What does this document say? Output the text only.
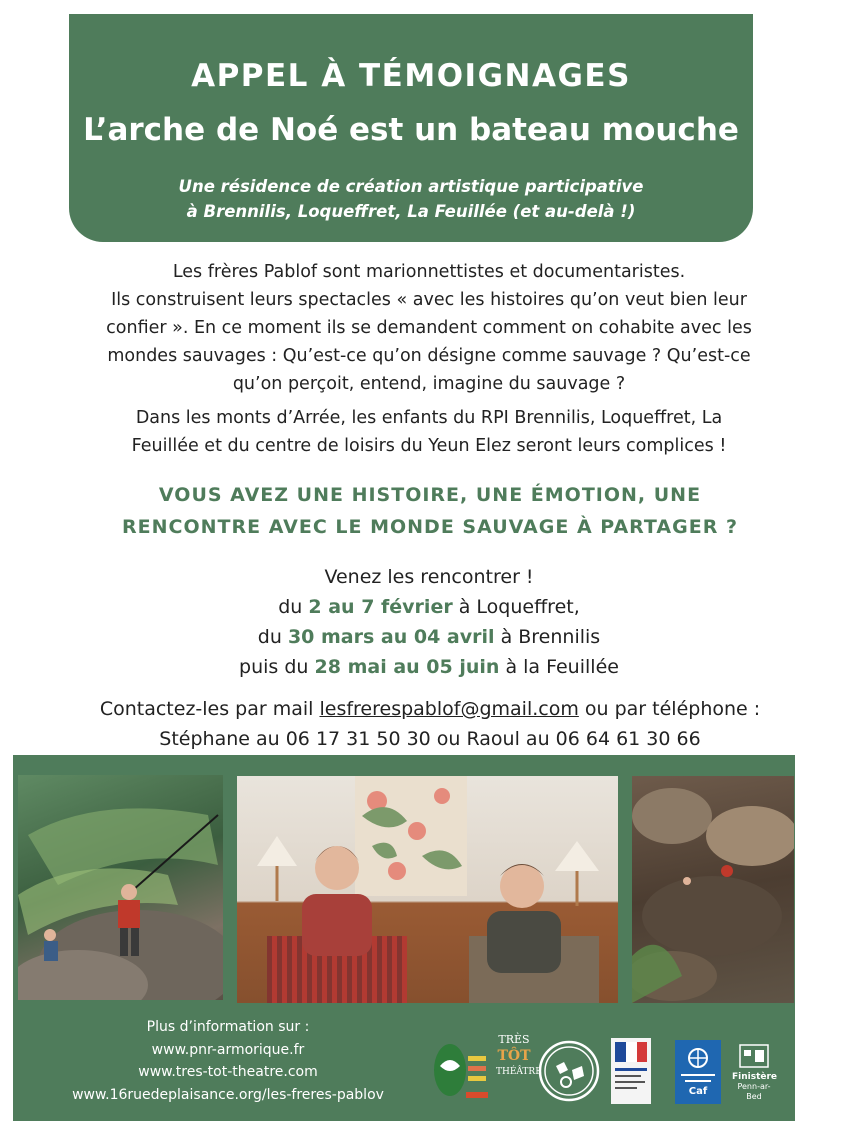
APPEL À TÉMOIGNAGES
L’arche de Noé est un bateau mouche
Une résidence de création artistique participative
à Brennilis, Loqueffret, La Feuillée (et au-delà !)
Les frères Pablof sont marionnettistes et documentaristes.
Ils construisent leurs spectacles « avec les histoires qu’on veut bien leur
confier ». En ce moment ils se demandent comment on cohabite avec les
mondes sauvages : Qu’est-ce qu’on désigne comme sauvage ? Qu’est-ce
qu’on perçoit, entend, imagine du sauvage ?
Dans les monts d’Arrée, les enfants du RPI Brennilis, Loqueffret, La
Feuillée et du centre de loisirs du Yeun Elez seront leurs complices !
VOUS AVEZ UNE HISTOIRE, UNE ÉMOTION, UNE
RENCONTRE AVEC LE MONDE SAUVAGE À PARTAGER ?
Venez les rencontrer !
du 2 au 7 février à Loqueffret,
du 30 mars au 04 avril à Brennilis
puis du 28 mai au 05 juin à la Feuillée
Contactez-les par mail lesfrerespablof@gmail.com ou par téléphone :
Stéphane au 06 17 31 50 30 ou Raoul au 06 64 61 30 66
Plus d’information sur :
www.pnr-armorique.fr
www.tres-tot-theatre.com
www.16ruedeplaisance.org/les-freres-pablov
TRÈS
TÔT
THÉÂTRE
Caf
Finistère
Penn-ar-Bed
